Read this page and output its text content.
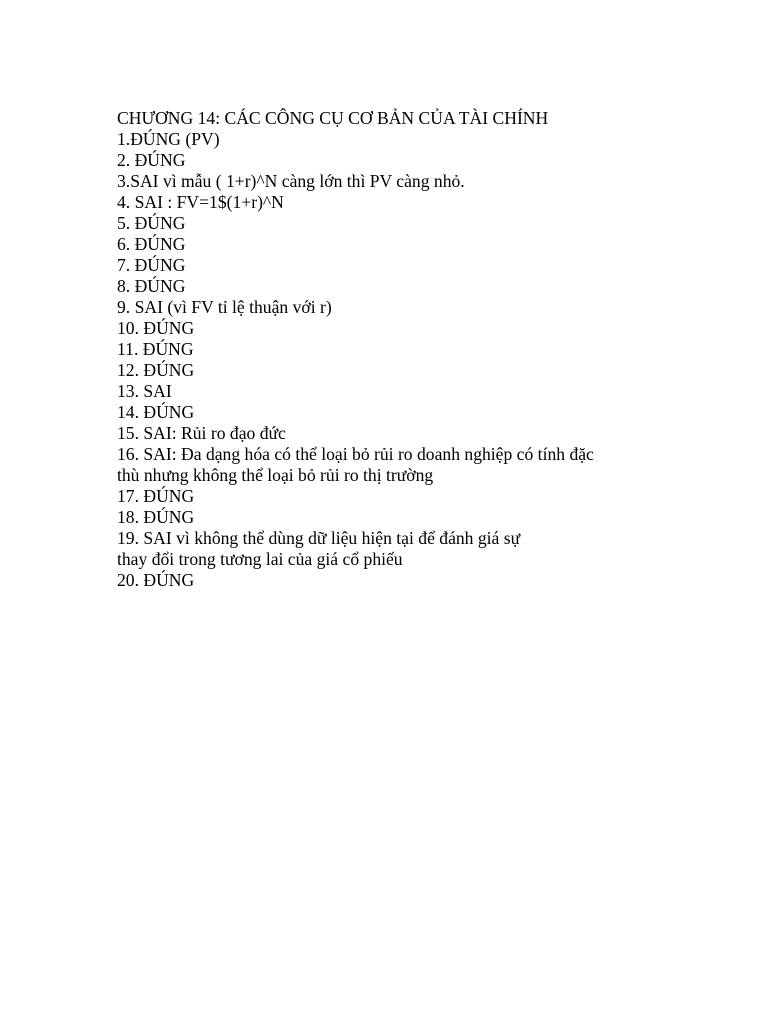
CHƯƠNG 14: CÁC CÔNG CỤ CƠ BẢN CỦA TÀI CHÍNH
1.ĐÚNG (PV)
2. ĐÚNG
3.SAI vì mẫu ( 1+r)^N càng lớn thì PV càng nhỏ.
4. SAI : FV=1$(1+r)^N
5. ĐÚNG
6. ĐÚNG
7. ĐÚNG
8. ĐÚNG
9. SAI (vì FV tỉ lệ thuận với r)
10. ĐÚNG
11. ĐÚNG
12. ĐÚNG
13. SAI
14. ĐÚNG
15. SAI: Rủi ro đạo đức
16. SAI: Đa dạng hóa có thể loại bỏ rủi ro doanh nghiệp có tính đặc
thù nhưng không thể loại bỏ rủi ro thị trường
17. ĐÚNG
18. ĐÚNG
19. SAI vì không thể dùng dữ liệu hiện tại để đánh giá sự
thay đổi trong tương lai của giá cổ phiếu
20. ĐÚNG
